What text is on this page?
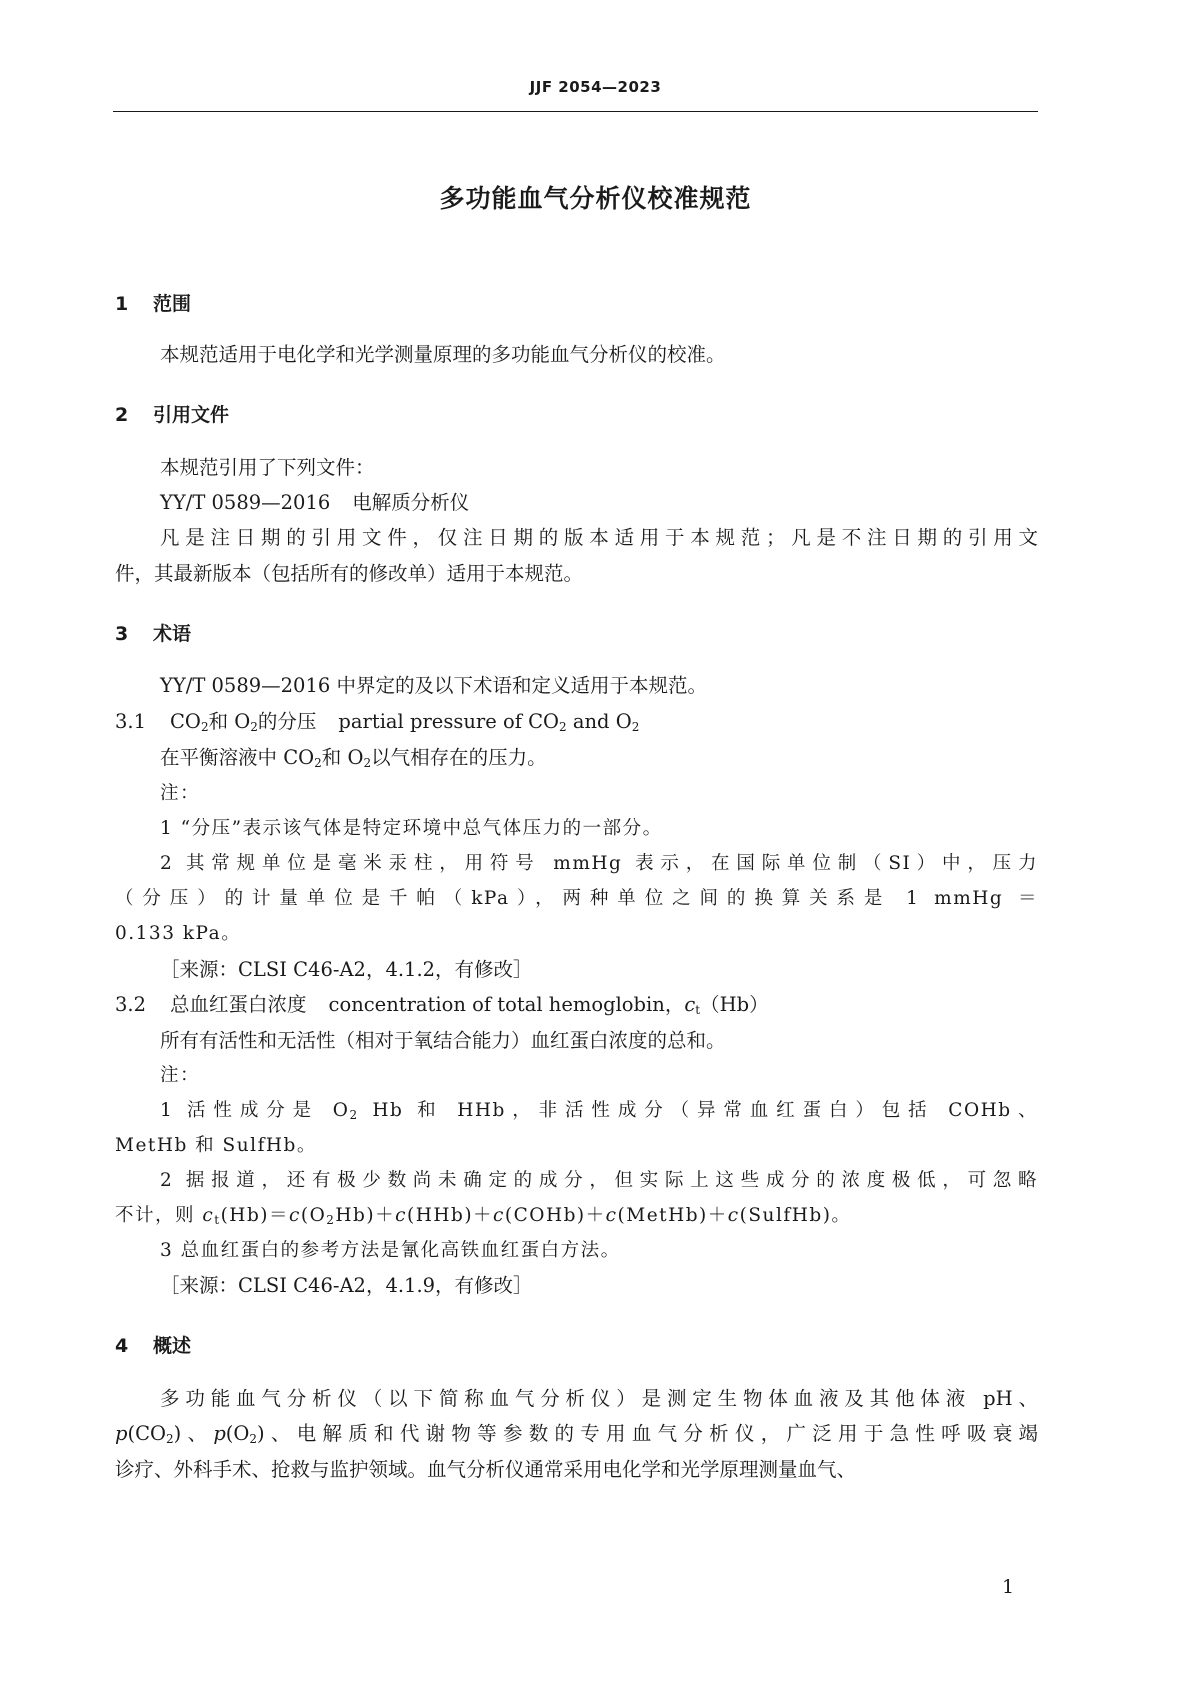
JJF 2054—2023
多功能血气分析仪校准规范
1 范围
本规范适用于电化学和光学测量原理的多功能血气分析仪的校准。
2 引用文件
本规范引用了下列文件：
YY/T 0589—2016 电解质分析仪
凡是注日期的引用文件，仅注日期的版本适用于本规范；凡是不注日期的引用文
件，其最新版本（包括所有的修改单）适用于本规范。
3 术语
YY/T 0589—2016 中界定的及以下术语和定义适用于本规范。
3.1 $CO_2$和 $O_2$的分压 partial pressure of $CO_2$ and $O_2$
在平衡溶液中 $CO_2$和 $O_2$以气相存在的压力。
注：
1 “分压”表示该气体是特定环境中总气体压力的一部分。
2 其常规单位是毫米汞柱，用符号 mmHg 表示，在国际单位制（SI）中，压力
（分压）的计量单位是千帕（kPa），两种单位之间的换算关系是 1 mmHg ＝
0.133 kPa。
［来源：CLSI C46-A2，4.1.2，有修改］
3.2 总血红蛋白浓度 concentration of total hemoglobin，$c_t(Hb)$
所有有活性和无活性（相对于氧结合能力）血红蛋白浓度的总和。
注：
1 活性成分是 $O_2$ Hb 和 HHb，非活性成分（异常血红蛋白）包括 COHb、
MetHb 和 SulfHb。
2 据报道，还有极少数尚未确定的成分，但实际上这些成分的浓度极低，可忽略
不计，则 $c_t(Hb)=c(O_2Hb)+c(HHb)+c(COHb)+c(MetHb)+c(SulfHb)$。
3 总血红蛋白的参考方法是氰化高铁血红蛋白方法。
［来源：CLSI C46-A2，4.1.9，有修改］
4 概述
多功能血气分析仪（以下简称血气分析仪）是测定生物体血液及其他体液 pH、
$p(CO_2)$、$p(O_2)$、电解质和代谢物等参数的专用血气分析仪，广泛用于急性呼吸衰竭
诊疗、外科手术、抢救与监护领域。血气分析仪通常采用电化学和光学原理测量血气、
1
